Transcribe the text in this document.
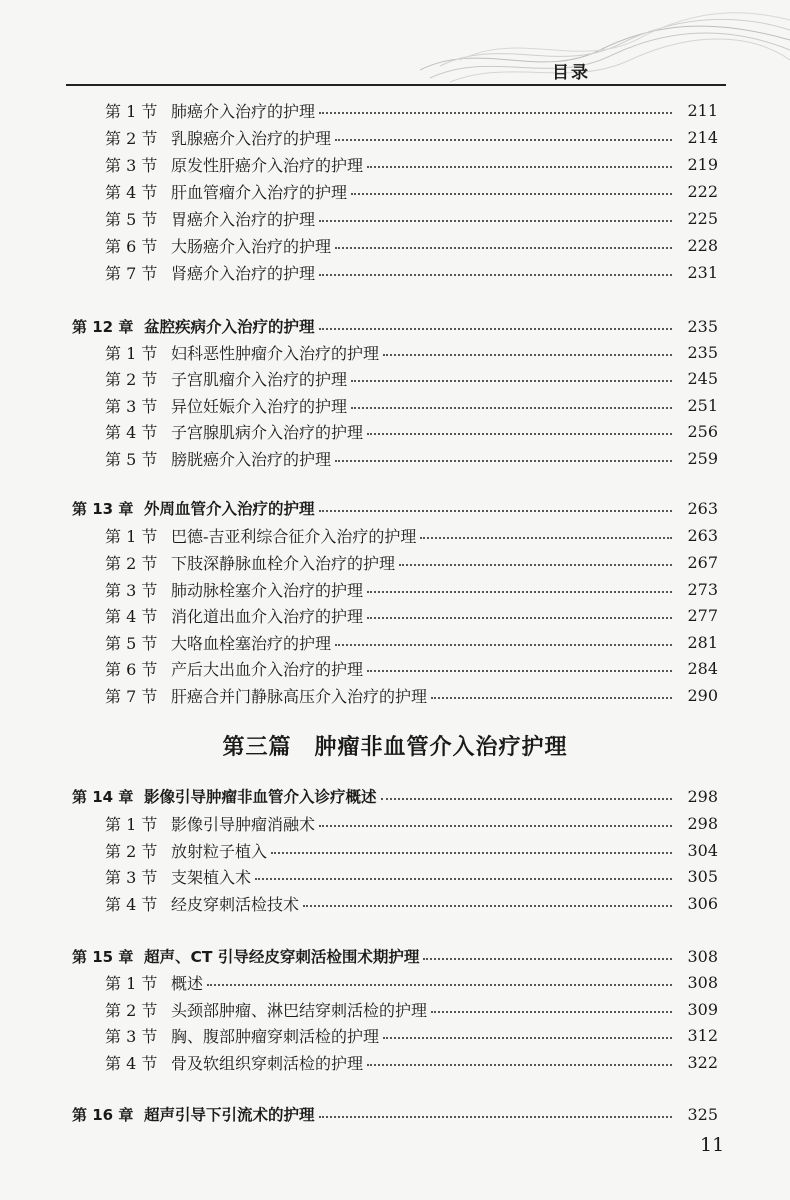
目录
第 1 节 肺癌介入治疗的护理	211
第 2 节 乳腺癌介入治疗的护理	214
第 3 节 原发性肝癌介入治疗的护理	219
第 4 节 肝血管瘤介入治疗的护理	222
第 5 节 胃癌介入治疗的护理	225
第 6 节 大肠癌介入治疗的护理	228
第 7 节 肾癌介入治疗的护理	231
第 12 章 盆腔疾病介入治疗的护理	235
第 1 节 妇科恶性肿瘤介入治疗的护理	235
第 2 节 子宫肌瘤介入治疗的护理	245
第 3 节 异位妊娠介入治疗的护理	251
第 4 节 子宫腺肌病介入治疗的护理	256
第 5 节 膀胱癌介入治疗的护理	259
第 13 章 外周血管介入治疗的护理	263
第 1 节 巴德-吉亚利综合征介入治疗的护理	263
第 2 节 下肢深静脉血栓介入治疗的护理	267
第 3 节 肺动脉栓塞介入治疗的护理	273
第 4 节 消化道出血介入治疗的护理	277
第 5 节 大咯血栓塞治疗的护理	281
第 6 节 产后大出血介入治疗的护理	284
第 7 节 肝癌合并门静脉高压介入治疗的护理	290
第 14 章 影像引导肿瘤非血管介入诊疗概述	298
第 1 节 影像引导肿瘤消融术	298
第 2 节 放射粒子植入	304
第 3 节 支架植入术	305
第 4 节 经皮穿刺活检技术	306
第 15 章 超声、CT 引导经皮穿刺活检围术期护理	308
第 1 节 概述	308
第 2 节 头颈部肿瘤、淋巴结穿刺活检的护理	309
第 3 节 胸、腹部肿瘤穿刺活检的护理	312
第 4 节 骨及软组织穿刺活检的护理	322
第 16 章 超声引导下引流术的护理	325
第三篇　肿瘤非血管介入治疗护理
11
